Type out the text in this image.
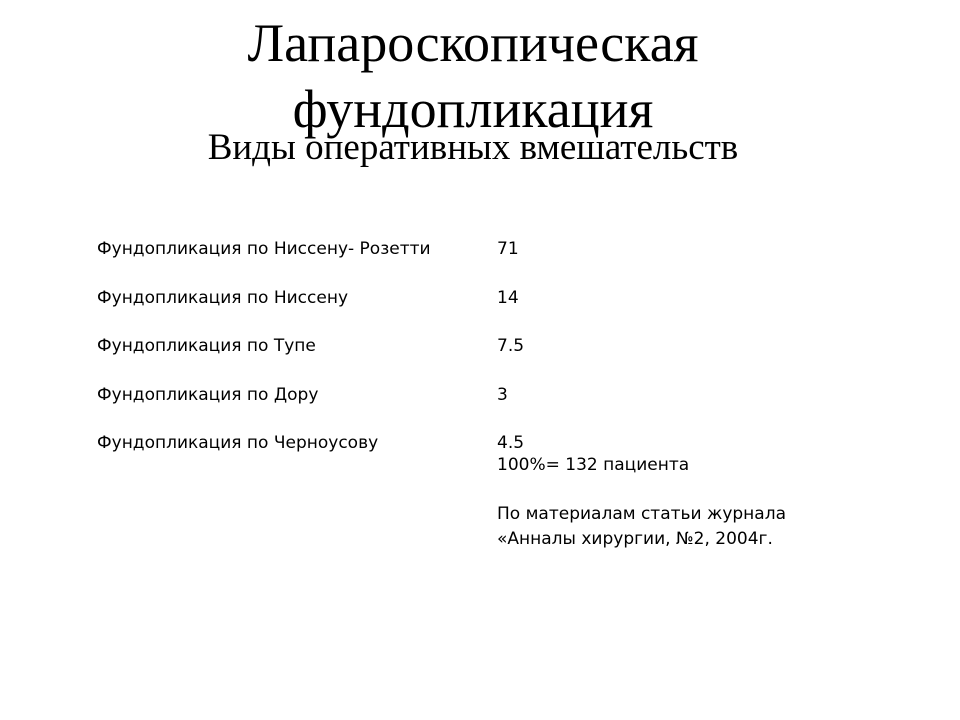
Лапароскопическая
фундопликация
Виды оперативных вмешательств
Фундопликация по Ниссену- Розетти	71
Фундопликация по Ниссену	14
Фундопликация по Тупе	7.5
Фундопликация по Дору	3
Фундопликация по Черноусову	4.5
100%= 132 пациента
По материалам статьи журнала
«Анналы хирургии, №2, 2004г.
